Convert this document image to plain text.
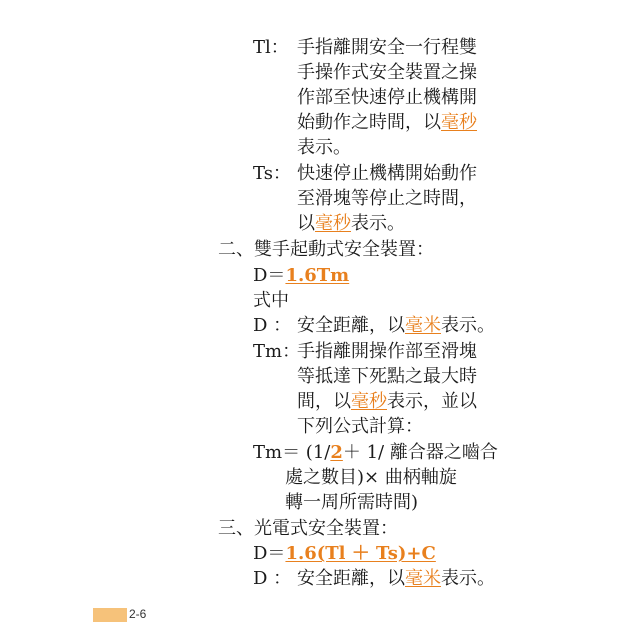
Tl： 手指離開安全一行程雙
手操作式安全裝置之操
作部至快速停止機構開
始動作之時間，以毫秒
表示。
Ts： 快速停止機構開始動作
至滑塊等停止之時間，
以毫秒表示。
二、雙手起動式安全裝置：
D＝1.6Tm
式中
D ： 安全距離，以毫米表示。
Tm：
手指離開操作部至滑塊
等抵達下死點之最大時
間，以毫秒表示，並以
下列公式計算：
Tm＝ (1/2＋ 1/ 離合器之嚙合
處之數目)× 曲柄軸旋
轉一周所需時間)
三、光電式安全裝置：
D＝1.6(Tl ＋ Ts)+C
D ： 安全距離，以毫米表示。
2-6
